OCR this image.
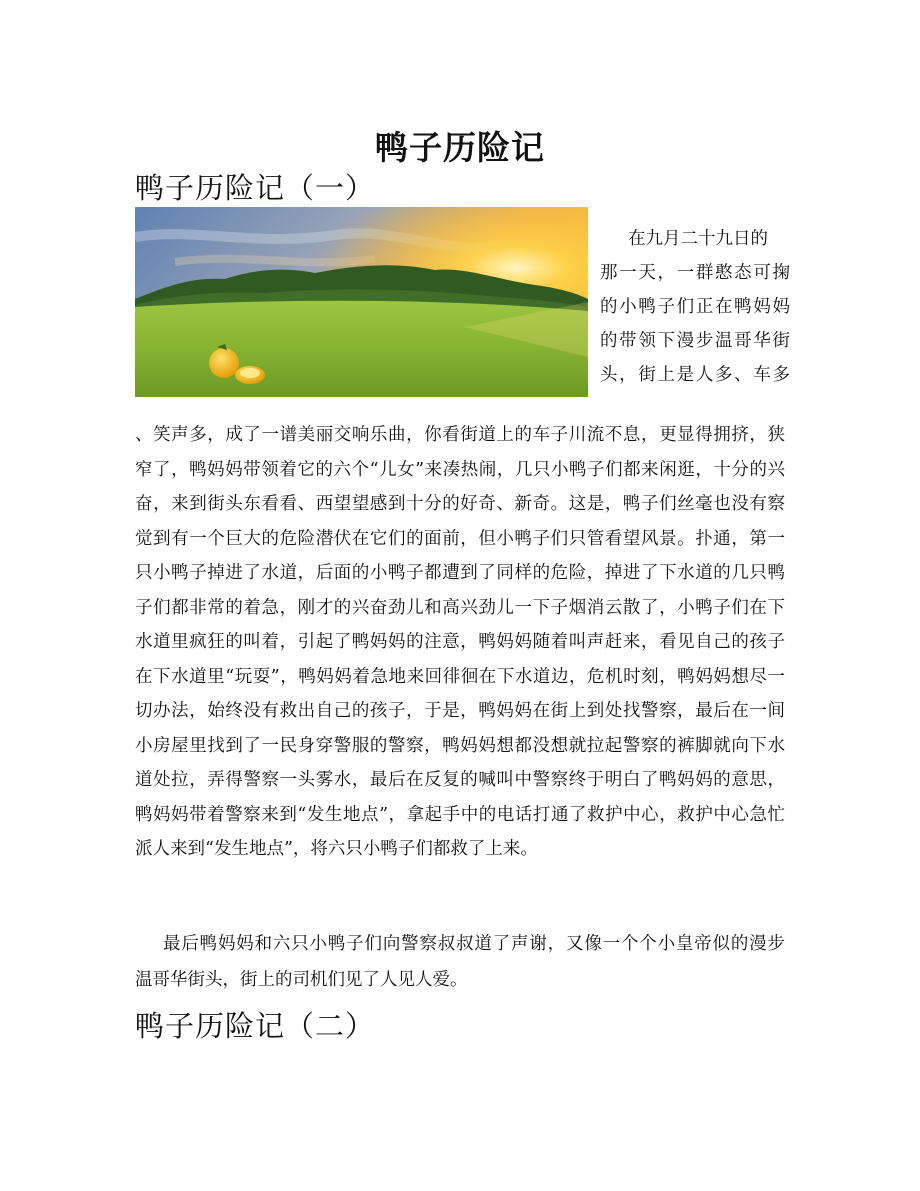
鸭子历险记
鸭子历险记（一）
在九月二十九日的
那一天，一群憨态可掬
的小鸭子们正在鸭妈妈
的带领下漫步温哥华街
头，街上是人多、车多
、笑声多，成了一谱美丽交响乐曲，你看街道上的车子川流不息，更显得拥挤，狭
窄了，鸭妈妈带领着它的六个“儿女”来凑热闹，几只小鸭子们都来闲逛，十分的兴
奋，来到街头东看看、西望望感到十分的好奇、新奇。这是，鸭子们丝毫也没有察
觉到有一个巨大的危险潜伏在它们的面前，但小鸭子们只管看望风景。扑通，第一
只小鸭子掉进了水道，后面的小鸭子都遭到了同样的危险，掉进了下水道的几只鸭
子们都非常的着急，刚才的兴奋劲儿和高兴劲儿一下子烟消云散了，小鸭子们在下
水道里疯狂的叫着，引起了鸭妈妈的注意，鸭妈妈随着叫声赶来，看见自己的孩子
在下水道里“玩耍”，鸭妈妈着急地来回徘徊在下水道边，危机时刻，鸭妈妈想尽一
切办法，始终没有救出自己的孩子，于是，鸭妈妈在街上到处找警察，最后在一间
小房屋里找到了一民身穿警服的警察，鸭妈妈想都没想就拉起警察的裤脚就向下水
道处拉，弄得警察一头雾水，最后在反复的喊叫中警察终于明白了鸭妈妈的意思，
鸭妈妈带着警察来到“发生地点”，拿起手中的电话打通了救护中心，救护中心急忙
派人来到“发生地点”，将六只小鸭子们都救了上来。
最后鸭妈妈和六只小鸭子们向警察叔叔道了声谢，又像一个个小皇帝似的漫步
温哥华街头，街上的司机们见了人见人爱。
鸭子历险记（二）
